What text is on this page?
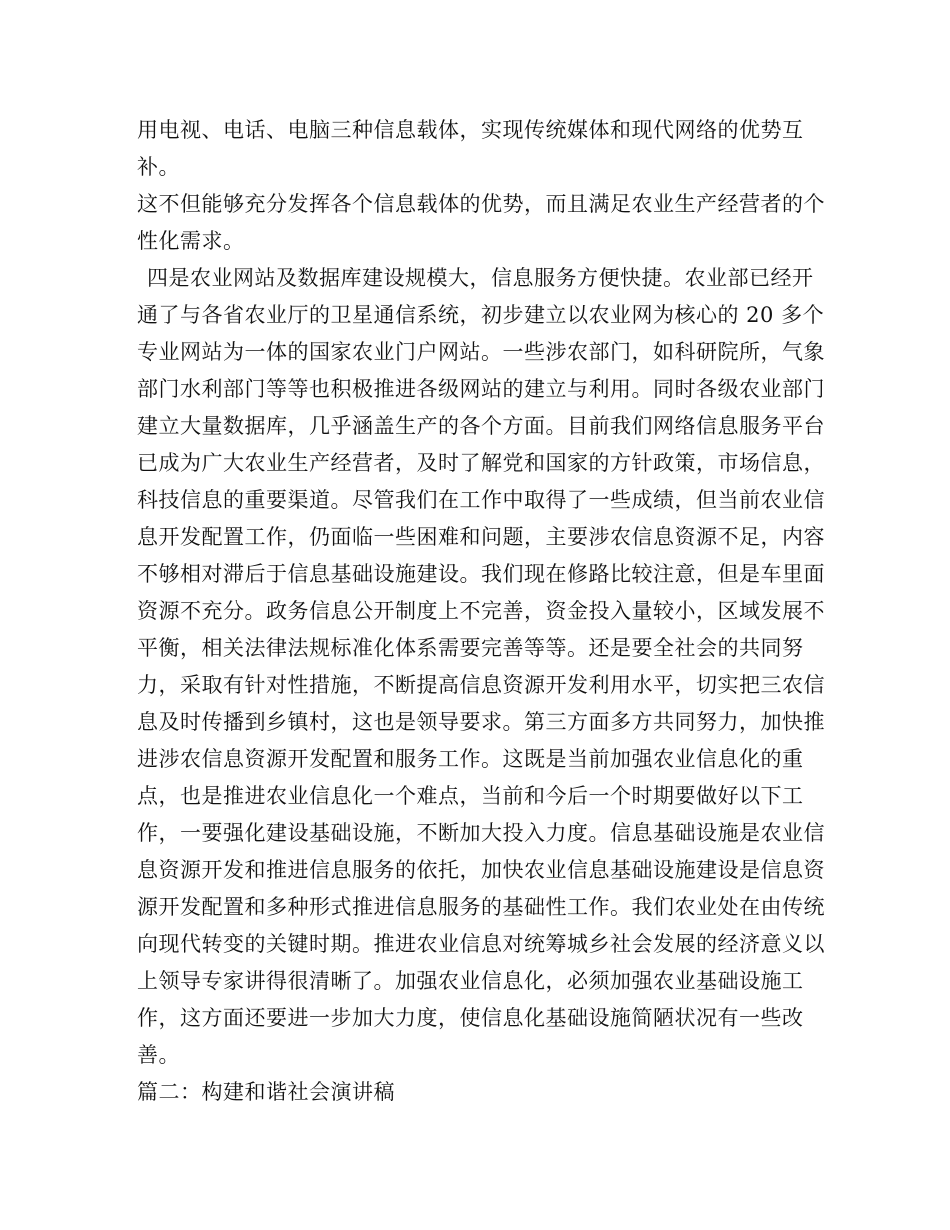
用电视、电话、电脑三种信息载体，实现传统媒体和现代网络的优势互补。

这不但能够充分发挥各个信息载体的优势，而且满足农业生产经营者的个性化需求。

四是农业网站及数据库建设规模大，信息服务方便快捷。农业部已经开通了与各省农业厅的卫星通信系统，初步建立以农业网为核心的 20 多个专业网站为一体的国家农业门户网站。一些涉农部门，如科研院所，气象部门水利部门等等也积极推进各级网站的建立与利用。同时各级农业部门建立大量数据库，几乎涵盖生产的各个方面。目前我们网络信息服务平台已成为广大农业生产经营者，及时了解党和国家的方针政策，市场信息，科技信息的重要渠道。尽管我们在工作中取得了一些成绩，但当前农业信息开发配置工作，仍面临一些困难和问题，主要涉农信息资源不足，内容不够相对滞后于信息基础设施建设。我们现在修路比较注意，但是车里面资源不充分。政务信息公开制度上不完善，资金投入量较小，区域发展不平衡，相关法律法规标准化体系需要完善等等。还是要全社会的共同努力，采取有针对性措施，不断提高信息资源开发利用水平，切实把三农信息及时传播到乡镇村，这也是领导要求。第三方面多方共同努力，加快推进涉农信息资源开发配置和服务工作。这既是当前加强农业信息化的重点，也是推进农业信息化一个难点，当前和今后一个时期要做好以下工作，一要强化建设基础设施，不断加大投入力度。信息基础设施是农业信息资源开发和推进信息服务的依托，加快农业信息基础设施建设是信息资源开发配置和多种形式推进信息服务的基础性工作。我们农业处在由传统向现代转变的关键时期。推进农业信息对统筹城乡社会发展的经济意义以上领导专家讲得很清晰了。加强农业信息化，必须加强农业基础设施工作，这方面还要进一步加大力度，使信息化基础设施简陋状况有一些改善。

篇二：构建和谐社会演讲稿
